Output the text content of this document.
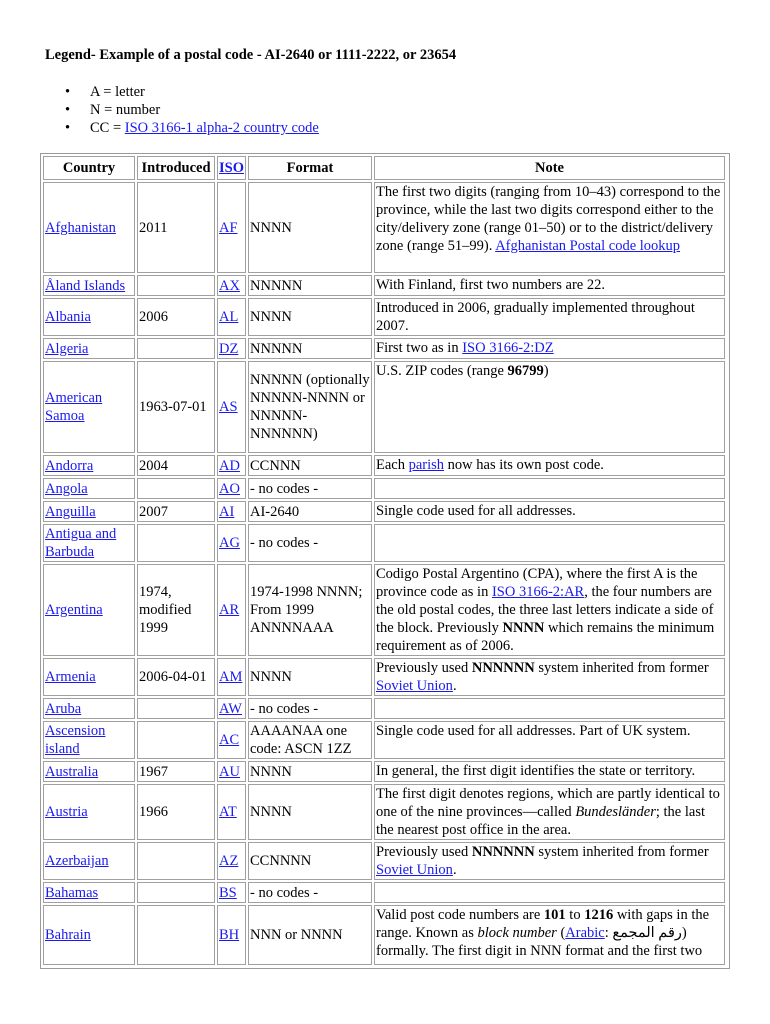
Legend- Example of a postal code - AI-2640 or 1111-2222, or 23654
• A = letter
• N = number
• CC = ISO 3166-1 alpha-2 country code
Country	Introduced	ISO	Format	Note
Afghanistan	2011	AF	NNNN	The first two digits (ranging from 10–43) correspond to the province, while the last two digits correspond either to the city/delivery zone (range 01–50) or to the district/delivery zone (range 51–99). Afghanistan Postal code lookup
Åland Islands		AX	NNNNN	With Finland, first two numbers are 22.
Albania	2006	AL	NNNN	Introduced in 2006, gradually implemented throughout 2007.
Algeria		DZ	NNNNN	First two as in ISO 3166-2:DZ
American Samoa	1963-07-01	AS	NNNNN (optionally NNNNN-NNNN or NNNNN-NNNNNN)	U.S. ZIP codes (range 96799)
Andorra	2004	AD	CCNNN	Each parish now has its own post code.
Angola		AO	- no codes -	
Anguilla	2007	AI	AI-2640	Single code used for all addresses.
Antigua and Barbuda		AG	- no codes -	
Argentina	1974, modified 1999	AR	1974-1998 NNNN; From 1999 ANNNNAAA	Codigo Postal Argentino (CPA), where the first A is the province code as in ISO 3166-2:AR, the four numbers are the old postal codes, the three last letters indicate a side of the block. Previously NNNN which remains the minimum requirement as of 2006.
Armenia	2006-04-01	AM	NNNN	Previously used NNNNNN system inherited from former Soviet Union.
Aruba		AW	- no codes -	
Ascension island		AC	AAAANAA one code: ASCN 1ZZ	Single code used for all addresses. Part of UK system.
Australia	1967	AU	NNNN	In general, the first digit identifies the state or territory.
Austria	1966	AT	NNNN	The first digit denotes regions, which are partly identical to one of the nine provinces—called Bundesländer; the last the nearest post office in the area.
Azerbaijan		AZ	CCNNNN	Previously used NNNNNN system inherited from former Soviet Union.
Bahamas		BS	- no codes -	
Bahrain		BH	NNN or NNNN	Valid post code numbers are 101 to 1216 with gaps in the range. Known as block number (Arabic: ‫رقم المجمع‬) formally. The first digit in NNN format and the first two
